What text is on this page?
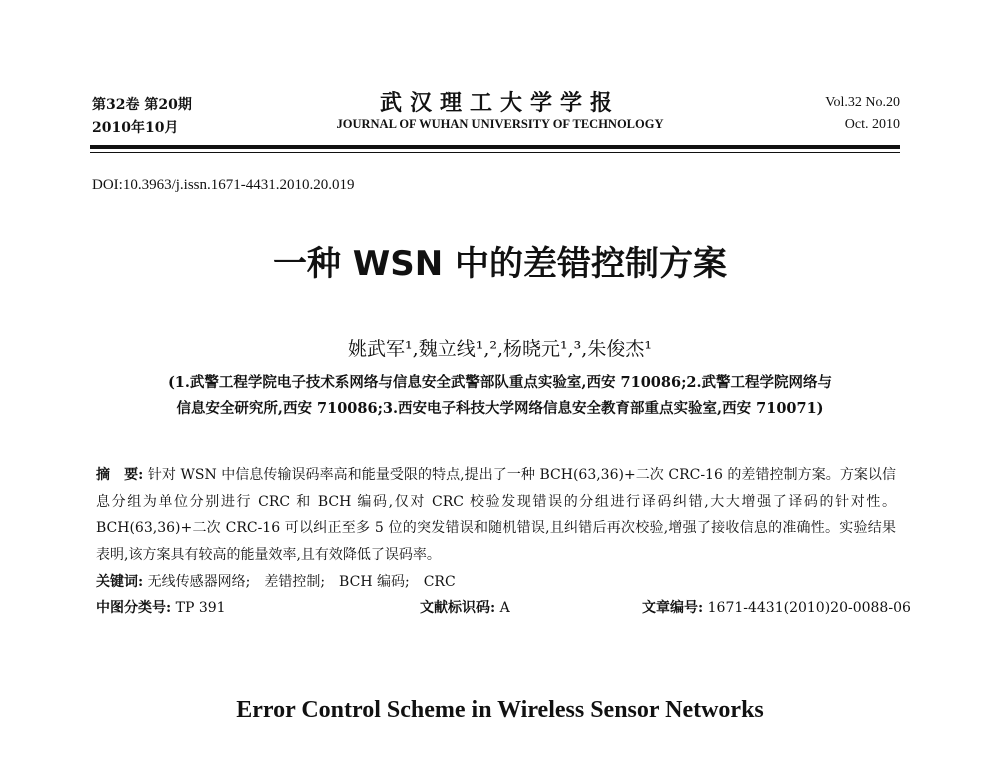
第32卷 第20期
2010年10月
武汉理工大学学报
JOURNAL OF WUHAN UNIVERSITY OF TECHNOLOGY
Vol.32 No.20
Oct. 2010
DOI:10.3963/j.issn.1671-4431.2010.20.019
一种 WSN 中的差错控制方案
姚武军¹,魏立线¹,²,杨晓元¹,³,朱俊杰¹
(1.武警工程学院电子技术系网络与信息安全武警部队重点实验室,西安 710086;2.武警工程学院网络与
信息安全研究所,西安 710086;3.西安电子科技大学网络信息安全教育部重点实验室,西安 710071)
摘　要: 针对 WSN 中信息传输误码率高和能量受限的特点,提出了一种 BCH(63,36)+二次 CRC-16 的差错控制方案。方案以信息分组为单位分别进行 CRC 和 BCH 编码,仅对 CRC 校验发现错误的分组进行译码纠错,大大增强了译码的针对性。BCH(63,36)+二次 CRC-16 可以纠正至多 5 位的突发错误和随机错误,且纠错后再次校验,增强了接收信息的准确性。实验结果表明,该方案具有较高的能量效率,且有效降低了误码率。
关键词: 无线传感器网络;　差错控制;　BCH 编码;　CRC
中图分类号: TP 391	文献标识码: A	文章编号: 1671-4431(2010)20-0088-06
Error Control Scheme in Wireless Sensor Networks
